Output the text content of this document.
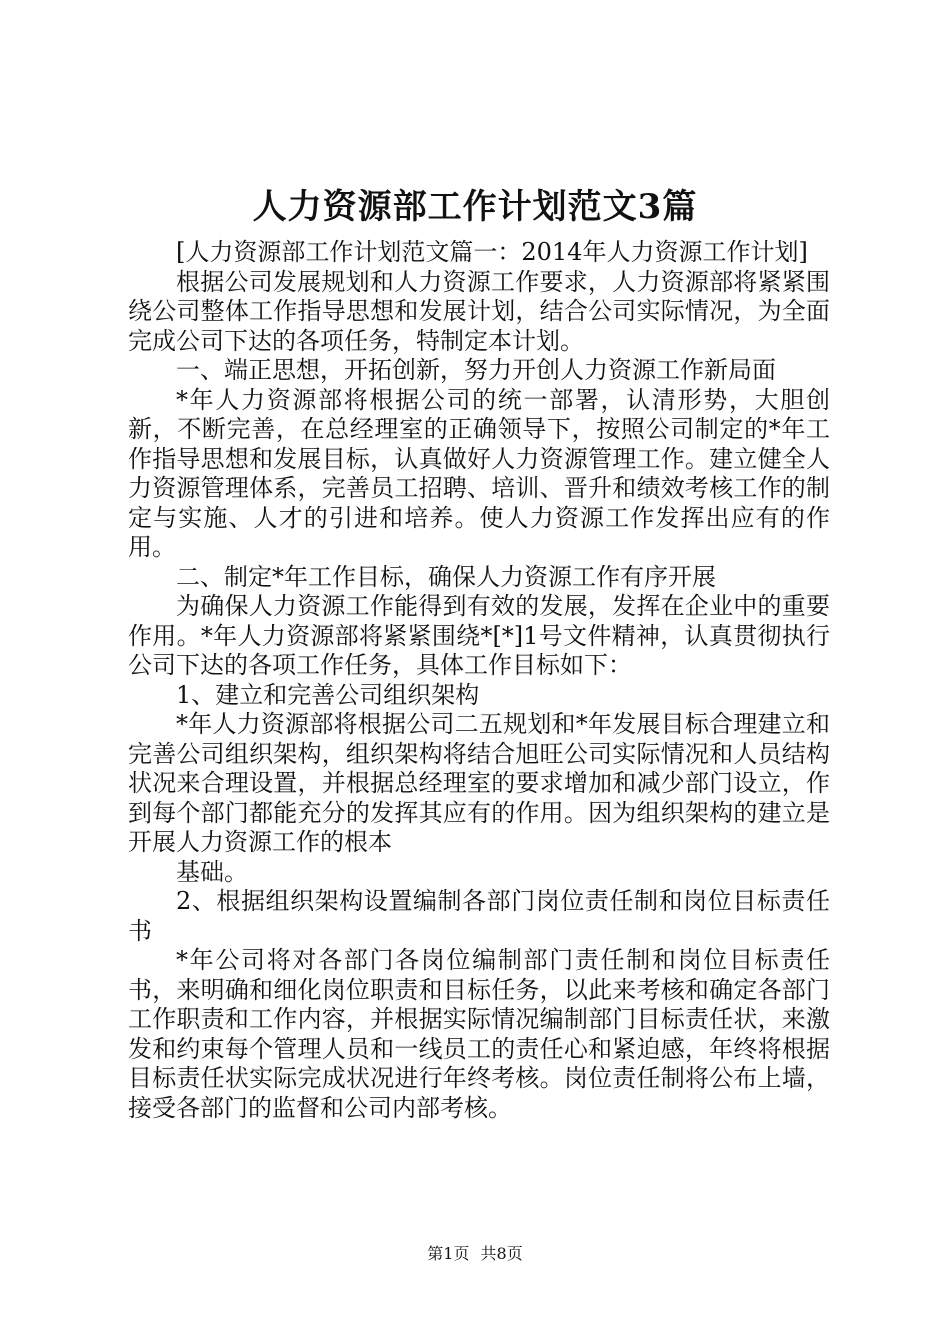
人力资源部工作计划范文3篇

[人力资源部工作计划范文篇一：2014年人力资源工作计划]

根据公司发展规划和人力资源工作要求，人力资源部将紧紧围绕公司整体工作指导思想和发展计划，结合公司实际情况，为全面完成公司下达的各项任务，特制定本计划。

一、端正思想，开拓创新，努力开创人力资源工作新局面

*年人力资源部将根据公司的统一部署，认清形势，大胆创新，不断完善，在总经理室的正确领导下，按照公司制定的*年工作指导思想和发展目标，认真做好人力资源管理工作。建立健全人力资源管理体系，完善员工招聘、培训、晋升和绩效考核工作的制定与实施、人才的引进和培养。使人力资源工作发挥出应有的作用。

二、制定*年工作目标，确保人力资源工作有序开展

为确保人力资源工作能得到有效的发展，发挥在企业中的重要作用。*年人力资源部将紧紧围绕*[*]1号文件精神，认真贯彻执行公司下达的各项工作任务，具体工作目标如下：

1、建立和完善公司组织架构

*年人力资源部将根据公司二五规划和*年发展目标合理建立和完善公司组织架构，组织架构将结合旭旺公司实际情况和人员结构状况来合理设置，并根据总经理室的要求增加和减少部门设立，作到每个部门都能充分的发挥其应有的作用。因为组织架构的建立是开展人力资源工作的根本

基础。

2、根据组织架构设置编制各部门岗位责任制和岗位目标责任书

*年公司将对各部门各岗位编制部门责任制和岗位目标责任书，来明确和细化岗位职责和目标任务，以此来考核和确定各部门工作职责和工作内容，并根据实际情况编制部门目标责任状，来激发和约束每个管理人员和一线员工的责任心和紧迫感，年终将根据目标责任状实际完成状况进行年终考核。岗位责任制将公布上墙，接受各部门的监督和公司内部考核。

第1页 共8页
